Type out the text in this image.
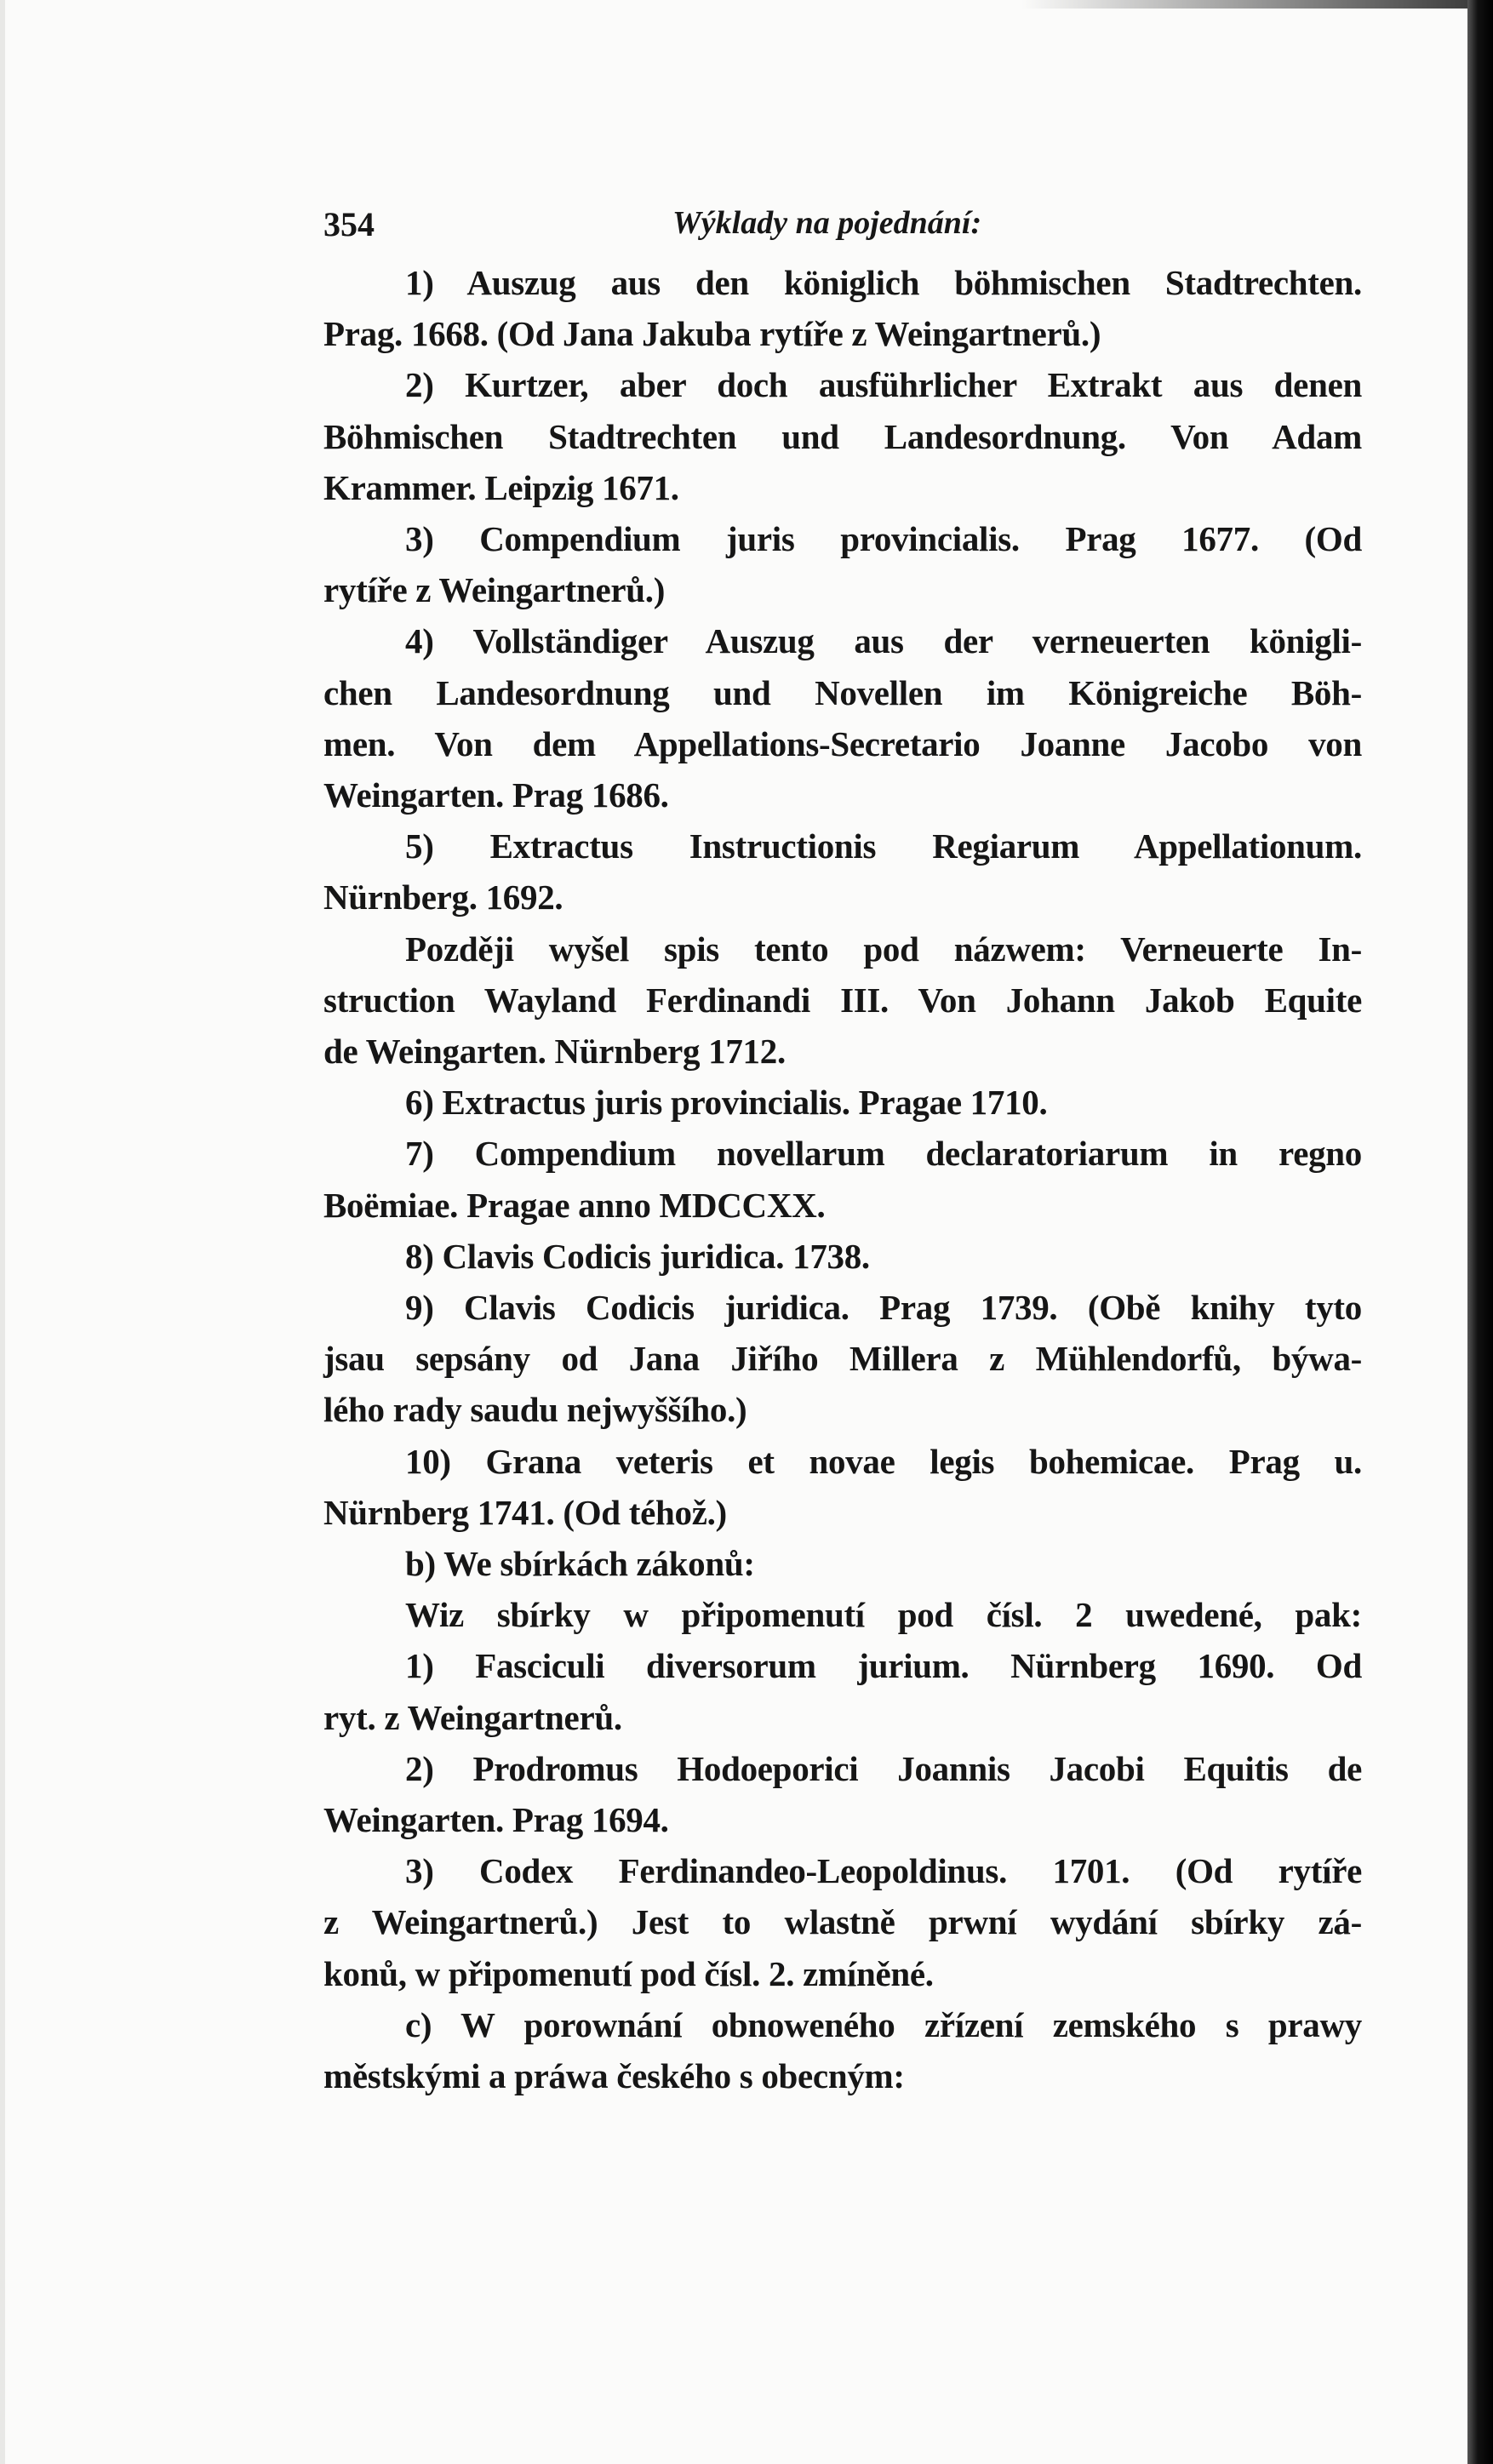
354	Wýklady na pojednání:
1) Auszug aus den königlich böhmischen Stadtrechten.
Prag. 1668. (Od Jana Jakuba rytíře z Weingartnerů.)
2) Kurtzer, aber doch ausführlicher Extrakt aus denen
Böhmischen Stadtrechten und Landesordnung. Von Adam
Krammer. Leipzig 1671.
3) Compendium juris provincialis. Prag 1677. (Od
rytíře z Weingartnerů.)
4) Vollständiger Auszug aus der verneuerten königli-
chen Landesordnung und Novellen im Königreiche Böh-
men. Von dem Appellations-Secretario Joanne Jacobo von
Weingarten. Prag 1686.
5) Extractus Instructionis Regiarum Appellationum.
Nürnberg. 1692.
Později wyšel spis tento pod názwem: Verneuerte In-
struction Wayland Ferdinandi III. Von Johann Jakob Equite
de Weingarten. Nürnberg 1712.
6) Extractus juris provincialis. Pragae 1710.
7) Compendium novellarum declaratoriarum in regno
Boëmiae. Pragae anno MDCCXX.
8) Clavis Codicis juridica. 1738.
9) Clavis Codicis juridica. Prag 1739. (Obě knihy tyto
jsau sepsány od Jana Jiřího Millera z Mühlendorfů, býwa-
lého rady saudu nejwyššího.)
10) Grana veteris et novae legis bohemicae. Prag u.
Nürnberg 1741. (Od téhož.)
b) We sbírkách zákonů:
Wiz sbírky w připomenutí pod čísl. 2 uwedené, pak:
1) Fasciculi diversorum jurium. Nürnberg 1690. Od
ryt. z Weingartnerů.
2) Prodromus Hodoeporici Joannis Jacobi Equitis de
Weingarten. Prag 1694.
3) Codex Ferdinandeo-Leopoldinus. 1701. (Od rytíře
z Weingartnerů.) Jest to wlastně prwní wydání sbírky zá-
konů, w připomenutí pod čísl. 2. zmíněné.
c) W porownání obnoweného zřízení zemského s prawy
městskými a práwa českého s obecným:
